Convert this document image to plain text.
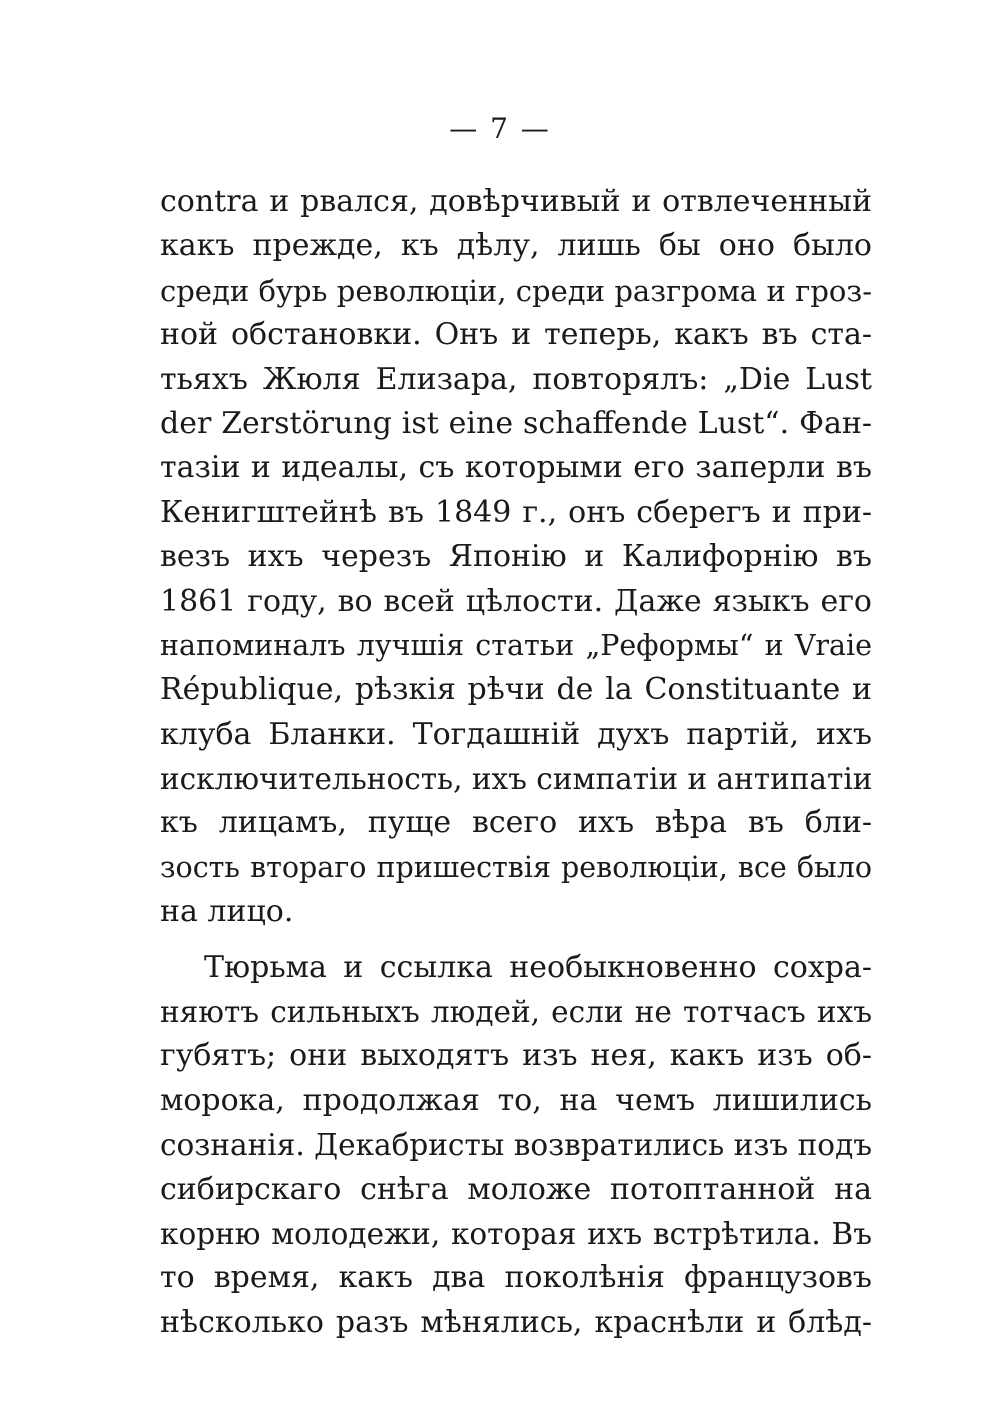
— 7 —
contra и рвался, довѣрчивый и отвлеченный
какъ прежде, къ дѣлу, лишь бы оно было
среди бурь революціи, среди разгрома и гроз-
ной обстановки. Онъ и теперь, какъ въ ста-
тьяхъ Жюля Елизара, повторялъ: „Die Lust
der Zerstörung ist eine schaffende Lust“. Фан-
тазіи и идеалы, съ которыми его заперли въ
Кенигштейнѣ въ 1849 г., онъ сберегъ и при-
везъ ихъ черезъ Японію и Калифорнію въ
1861 году, во всей цѣлости. Даже языкъ его
напоминалъ лучшія статьи „Реформы“ и Vraie
République, рѣзкія рѣчи de la Constituante и
клуба Бланки. Тогдашній духъ партій, ихъ
исключительность, ихъ симпатіи и антипатіи
къ лицамъ, пуще всего ихъ вѣра въ бли-
зость втораго пришествія революціи, все было
на лицо.
Тюрьма и ссылка необыкновенно сохра-
няютъ сильныхъ людей, если не тотчасъ ихъ
губятъ; они выходятъ изъ нея, какъ изъ об-
морока, продолжая то, на чемъ лишились
сознанія. Декабристы возвратились изъ подъ
сибирскаго снѣга моложе потоптанной на
корню молодежи, которая ихъ встрѣтила. Въ
то время, какъ два поколѣнія французовъ
нѣсколько разъ мѣнялись, краснѣли и блѣд-
